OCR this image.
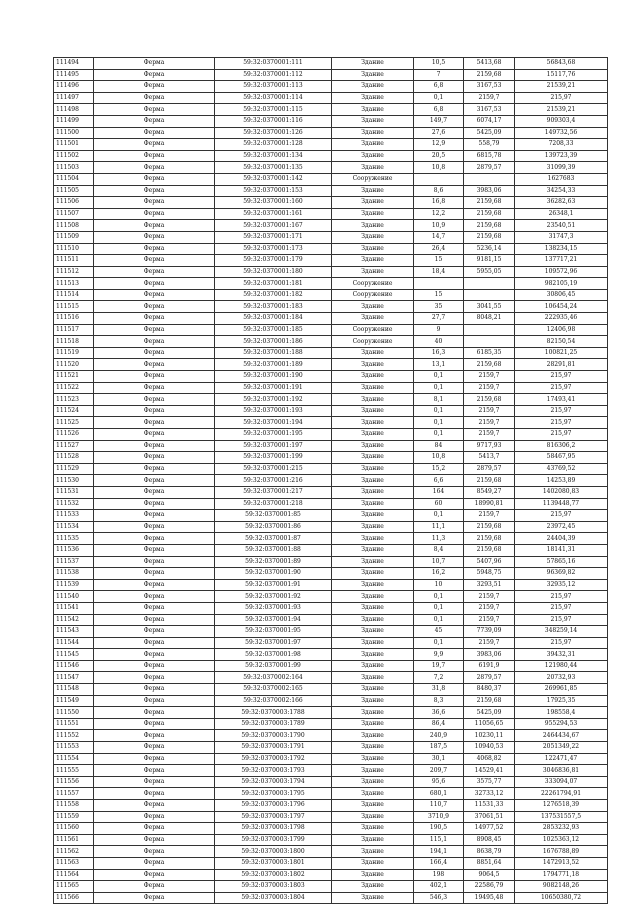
111494	Ферма	59:32:0370001:111	Здание	10,5	5413,68	56843,68
111495	Ферма	59:32:0370001:112	Здание	7	2159,68	15117,76
111496	Ферма	59:32:0370001:113	Здание	6,8	3167,53	21539,21
111497	Ферма	59:32:0370001:114	Здание	0,1	2159,7	215,97
111498	Ферма	59:32:0370001:115	Здание	6,8	3167,53	21539,21
111499	Ферма	59:32:0370001:116	Здание	149,7	6074,17	909303,4
111500	Ферма	59:32:0370001:126	Здание	27,6	5425,09	149732,56
111501	Ферма	59:32:0370001:128	Здание	12,9	558,79	7208,33
111502	Ферма	59:32:0370001:134	Здание	20,5	6815,78	139723,39
111503	Ферма	59:32:0370001:135	Здание	10,8	2879,57	31099,39
111504	Ферма	59:32:0370001:142	Сооружение			1627683
111505	Ферма	59:32:0370001:153	Здание	8,6	3983,06	34254,33
111506	Ферма	59:32:0370001:160	Здание	16,8	2159,68	36282,63
111507	Ферма	59:32:0370001:161	Здание	12,2	2159,68	26348,1
111508	Ферма	59:32:0370001:167	Здание	10,9	2159,68	23540,51
111509	Ферма	59:32:0370001:171	Здание	14,7	2159,68	31747,3
111510	Ферма	59:32:0370001:173	Здание	26,4	5236,14	138234,15
111511	Ферма	59:32:0370001:179	Здание	15	9181,15	137717,21
111512	Ферма	59:32:0370001:180	Здание	18,4	5955,05	109572,96
111513	Ферма	59:32:0370001:181	Сооружение			982105,19
111514	Ферма	59:32:0370001:182	Сооружение	15		30806,45
111515	Ферма	59:32:0370001:183	Здание	35	3041,55	106454,24
111516	Ферма	59:32:0370001:184	Здание	27,7	8048,21	222935,46
111517	Ферма	59:32:0370001:185	Сооружение	9		12406,98
111518	Ферма	59:32:0370001:186	Сооружение	40		82150,54
111519	Ферма	59:32:0370001:188	Здание	16,3	6185,35	100821,25
111520	Ферма	59:32:0370001:189	Здание	13,1	2159,68	28291,81
111521	Ферма	59:32:0370001:190	Здание	0,1	2159,7	215,97
111522	Ферма	59:32:0370001:191	Здание	0,1	2159,7	215,97
111523	Ферма	59:32:0370001:192	Здание	8,1	2159,68	17493,41
111524	Ферма	59:32:0370001:193	Здание	0,1	2159,7	215,97
111525	Ферма	59:32:0370001:194	Здание	0,1	2159,7	215,97
111526	Ферма	59:32:0370001:195	Здание	0,1	2159,7	215,97
111527	Ферма	59:32:0370001:197	Здание	84	9717,93	816306,2
111528	Ферма	59:32:0370001:199	Здание	10,8	5413,7	58467,95
111529	Ферма	59:32:0370001:215	Здание	15,2	2879,57	43769,52
111530	Ферма	59:32:0370001:216	Здание	6,6	2159,68	14253,89
111531	Ферма	59:32:0370001:217	Здание	164	8549,27	1402080,83
111532	Ферма	59:32:0370001:218	Здание	60	18990,81	1139448,77
111533	Ферма	59:32:0370001:85	Здание	0,1	2159,7	215,97
111534	Ферма	59:32:0370001:86	Здание	11,1	2159,68	23972,45
111535	Ферма	59:32:0370001:87	Здание	11,3	2159,68	24404,39
111536	Ферма	59:32:0370001:88	Здание	8,4	2159,68	18141,31
111537	Ферма	59:32:0370001:89	Здание	10,7	5407,96	57865,16
111538	Ферма	59:32:0370001:90	Здание	16,2	5948,75	96369,82
111539	Ферма	59:32:0370001:91	Здание	10	3293,51	32935,12
111540	Ферма	59:32:0370001:92	Здание	0,1	2159,7	215,97
111541	Ферма	59:32:0370001:93	Здание	0,1	2159,7	215,97
111542	Ферма	59:32:0370001:94	Здание	0,1	2159,7	215,97
111543	Ферма	59:32:0370001:95	Здание	45	7739,09	348259,14
111544	Ферма	59:32:0370001:97	Здание	0,1	2159,7	215,97
111545	Ферма	59:32:0370001:98	Здание	9,9	3983,06	39432,31
111546	Ферма	59:32:0370001:99	Здание	19,7	6191,9	121980,44
111547	Ферма	59:32:0370002:164	Здание	7,2	2879,57	20732,93
111548	Ферма	59:32:0370002:165	Здание	31,8	8480,37	269961,85
111549	Ферма	59:32:0370002:166	Здание	8,3	2159,68	17925,35
111550	Ферма	59:32:0370003:1788	Здание	36,6	5425,09	198558,4
111551	Ферма	59:32:0370003:1789	Здание	86,4	11056,65	955294,53
111552	Ферма	59:32:0370003:1790	Здание	240,9	10230,11	2464434,67
111553	Ферма	59:32:0370003:1791	Здание	187,5	10940,53	2051349,22
111554	Ферма	59:32:0370003:1792	Здание	30,1	4068,82	122471,47
111555	Ферма	59:32:0370003:1793	Здание	209,7	14529,41	3046836,81
111556	Ферма	59:32:0370003:1794	Здание	95,6	3575,77	333094,07
111557	Ферма	59:32:0370003:1795	Здание	680,1	32733,12	22261794,91
111558	Ферма	59:32:0370003:1796	Здание	110,7	11531,33	1276518,39
111559	Ферма	59:32:0370003:1797	Здание	3710,9	37061,51	137531557,5
111560	Ферма	59:32:0370003:1798	Здание	190,5	14977,52	2853232,93
111561	Ферма	59:32:0370003:1799	Здание	115,1	8908,45	1025363,12
111562	Ферма	59:32:0370003:1800	Здание	194,1	8638,79	1676788,89
111563	Ферма	59:32:0370003:1801	Здание	166,4	8851,64	1472913,52
111564	Ферма	59:32:0370003:1802	Здание	198	9064,5	1794771,18
111565	Ферма	59:32:0370003:1803	Здание	402,1	22586,79	9082148,26
111566	Ферма	59:32:0370003:1804	Здание	546,3	19495,48	10650380,72
